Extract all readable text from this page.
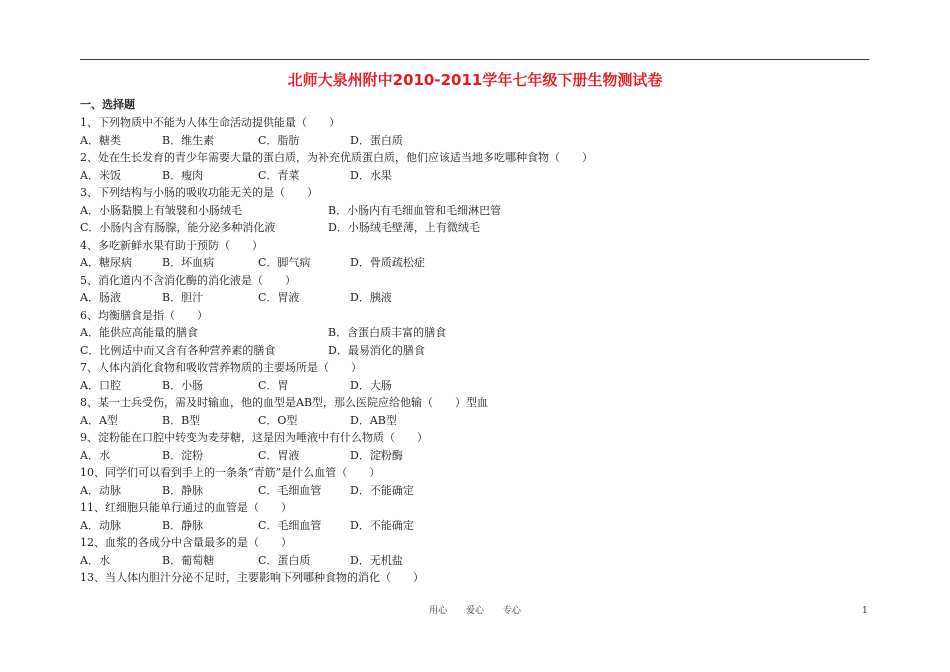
北师大泉州附中2010-2011学年七年级下册生物测试卷
一、选择题
1、下列物质中不能为人体生命活动提供能量（　　）
A．糖类	B．维生素	C．脂肪	D．蛋白质
2、处在生长发育的青少年需要大量的蛋白质，为补充优质蛋白质，他们应该适当地多吃哪种食物（　　）
A．米饭	B．瘦肉	C．青菜	D．水果
3、下列结构与小肠的吸收功能无关的是（　　）
A．小肠黏膜上有皱襞和小肠绒毛	B．小肠内有毛细血管和毛细淋巴管
C．小肠内含有肠腺，能分泌多种消化液	D．小肠绒毛壁薄，上有微绒毛
4、多吃新鲜水果有助于预防（　　）
A．糖尿病	B．坏血病	C．脚气病	D．骨质疏松症
5、消化道内不含消化酶的消化液是（　　）
A．肠液	B．胆汁	C．胃液	D．胰液
6、均衡膳食是指（　　）
A．能供应高能量的膳食	B．含蛋白质丰富的膳食
C．比例适中而又含有各种营养素的膳食	D．最易消化的膳食
7、人体内消化食物和吸收营养物质的主要场所是（　　）
A．口腔	B．小肠	C．胃	D．大肠
8、某一士兵受伤，需及时输血，他的血型是AB型，那么医院应给他输（　　）型血
A．A型	B．B型	C．O型	D．AB型
9、淀粉能在口腔中转变为麦芽糖，这是因为唾液中有什么物质（　　）
A．水	B．淀粉	C．胃液	D．淀粉酶
10、同学们可以看到手上的一条条“青筋”是什么血管（　　）
A．动脉	B．静脉	C．毛细血管	D．不能确定
11、红细胞只能单行通过的血管是（　　）
A．动脉	B．静脉	C．毛细血管	D．不能确定
12、血浆的各成分中含量最多的是（　　）
A．水	B．葡萄糖	C．蛋白质	D．无机盐
13、当人体内胆汁分泌不足时，主要影响下列哪种食物的消化（　　）
用心 爱心 专心	1
